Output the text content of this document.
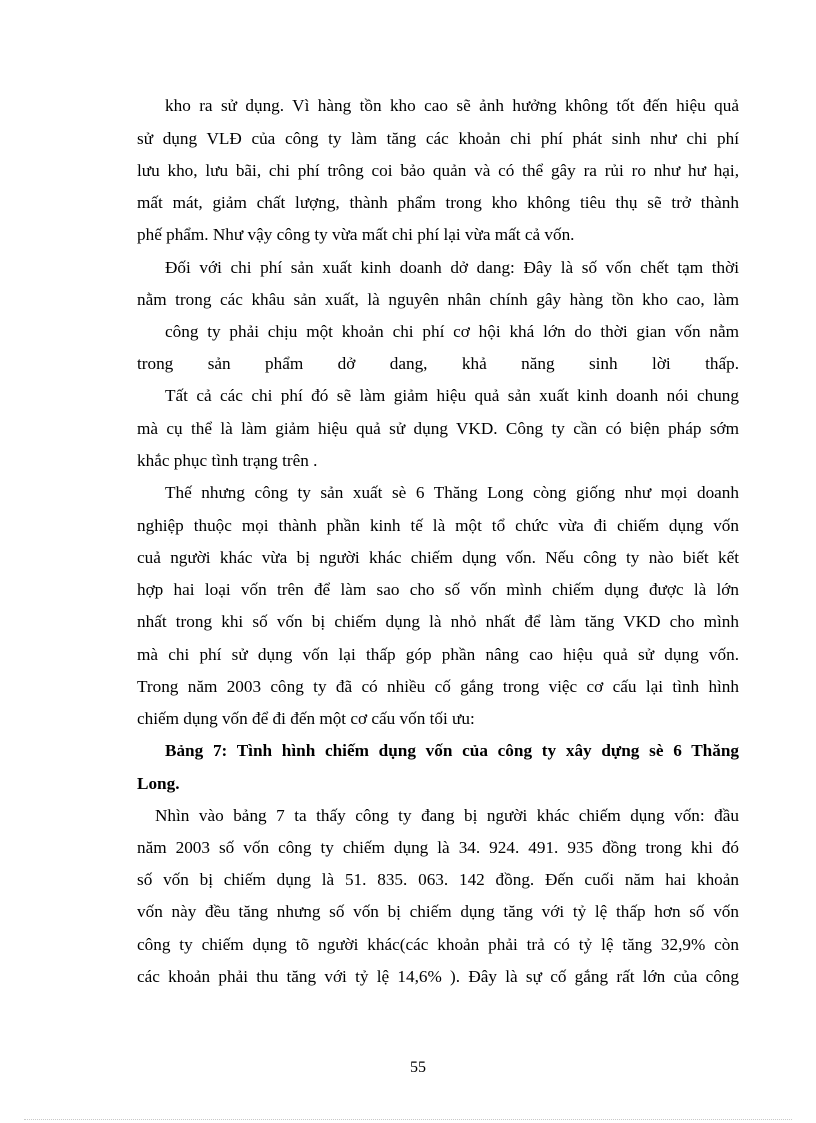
kho ra sử dụng. Vì hàng tồn kho cao sẽ ảnh hưởng không tốt đến hiệu quả
sử dụng VLĐ của công ty làm tăng các khoản chi phí phát sinh như chi phí
lưu kho, lưu bãi, chi phí trông coi bảo quản và có thể gây ra rủi ro như hư hại,
mất mát, giảm chất lượng, thành phẩm trong kho không tiêu thụ sẽ trở thành
phế phẩm. Như vậy công ty vừa mất chi phí lại vừa mất cả vốn.
Đối với chi phí sản xuất kinh doanh dở dang: Đây là số vốn chết tạm thời
nằm trong các khâu sản xuất, là nguyên nhân chính gây hàng tồn kho cao, làm
công ty phải chịu một khoản chi phí cơ hội khá lớn do thời gian vốn nằm
trong sản phẩm dở dang, khả năng sinh lời thấp.
Tất cả các chi phí đó sẽ làm giảm hiệu quả sản xuất kinh doanh nói chung
mà cụ thể là làm giảm hiệu quả sử dụng VKD. Công ty cần có biện pháp sớm
khắc phục tình trạng trên .
Thế nhưng công ty sản xuất sè 6 Thăng Long còng giống như mọi doanh
nghiệp thuộc mọi thành phần kinh tế là một tổ chức vừa đi chiếm dụng vốn
cuả người khác vừa bị người khác chiếm dụng vốn. Nếu công ty nào biết kết
hợp hai loại vốn trên để làm sao cho số vốn mình chiếm dụng được là lớn
nhất trong khi số vốn bị chiếm dụng là nhỏ nhất để làm tăng VKD cho mình
mà chi phí sử dụng vốn lại thấp góp phần nâng cao hiệu quả sử dụng vốn.
Trong năm 2003 công ty đã có nhiều cố gắng trong việc cơ cấu lại tình hình
chiếm dụng vốn để đi đến một cơ cấu vốn tối ưu:
Bảng 7: Tình hình chiếm dụng vốn của công ty xây dựng sè 6 Thăng
Long.
Nhìn vào bảng 7 ta thấy công ty đang bị người khác chiếm dụng vốn: đầu
năm 2003 số vốn công ty chiếm dụng là 34. 924. 491. 935 đồng trong khi đó
số vốn bị chiếm dụng là 51. 835. 063. 142 đồng. Đến cuối năm hai khoản
vốn này đều tăng nhưng số vốn bị chiếm dụng tăng với tỷ lệ thấp hơn số vốn
công ty chiếm dụng tõ người khác(các khoản phải trả có tỷ lệ tăng 32,9% còn
các khoản phải thu tăng với tỷ lệ 14,6% ). Đây là sự cố gắng rất lớn của công
55
